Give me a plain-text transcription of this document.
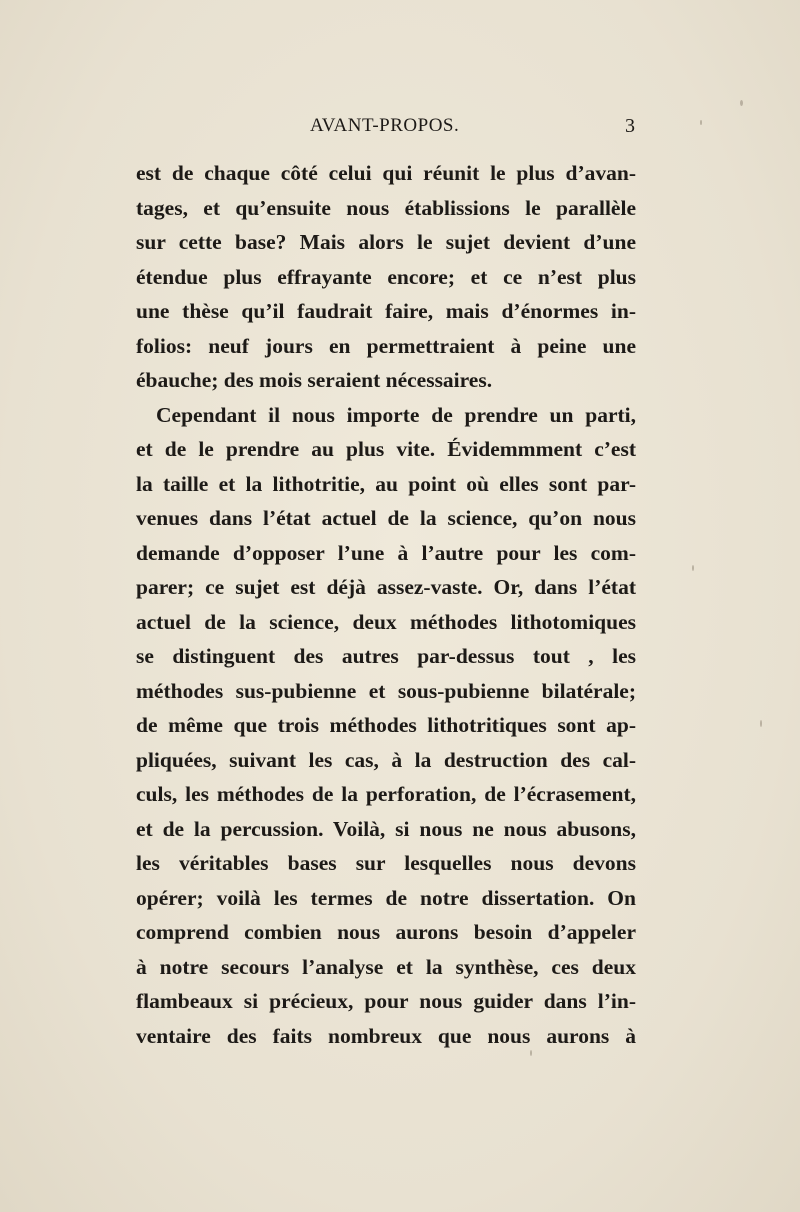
AVANT-PROPOS.	3
est de chaque côté celui qui réunit le plus d’avan-
tages, et qu’ensuite nous établissions le parallèle
sur cette base? Mais alors le sujet devient d’une
étendue plus effrayante encore; et ce n’est plus
une thèse qu’il faudrait faire, mais d’énormes in-
folios: neuf jours en permettraient à peine une
ébauche; des mois seraient nécessaires.
Cependant il nous importe de prendre un parti,
et de le prendre au plus vite. Évidemmment c’est
la taille et la lithotritie, au point où elles sont par-
venues dans l’état actuel de la science, qu’on nous
demande d’opposer l’une à l’autre pour les com-
parer; ce sujet est déjà assez-vaste. Or, dans l’état
actuel de la science, deux méthodes lithotomiques
se distinguent des autres par-dessus tout , les
méthodes sus-pubienne et sous-pubienne bilatérale;
de même que trois méthodes lithotritiques sont ap-
pliquées, suivant les cas, à la destruction des cal-
culs, les méthodes de la perforation, de l’écrasement,
et de la percussion. Voilà, si nous ne nous abusons,
les véritables bases sur lesquelles nous devons
opérer; voilà les termes de notre dissertation. On
comprend combien nous aurons besoin d’appeler
à notre secours l’analyse et la synthèse, ces deux
flambeaux si précieux, pour nous guider dans l’in-
ventaire des faits nombreux que nous aurons à
